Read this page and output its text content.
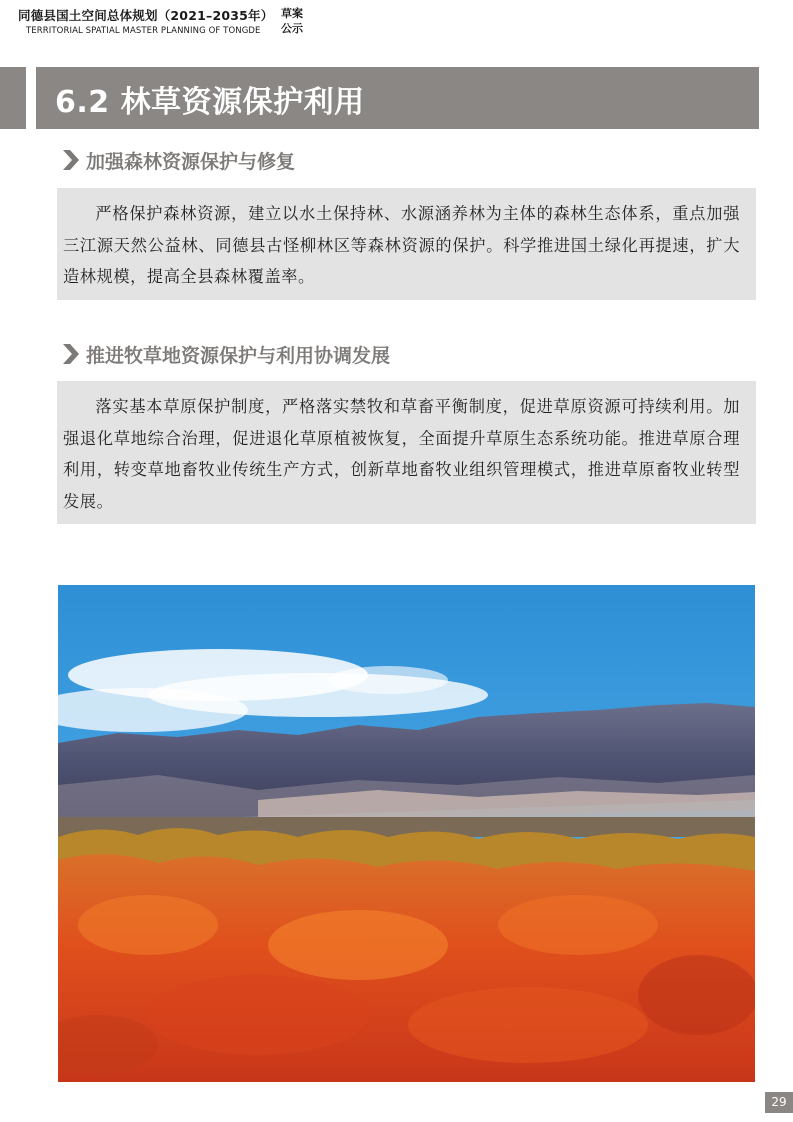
同德县国土空间总体规划（2021–2035年）
TERRITORIAL SPATIAL MASTER PLANNING OF TONGDE
草案
公示
6.2 林草资源保护利用
加强森林资源保护与修复

严格保护森林资源，建立以水土保持林、水源涵养林为主体的森林生态体系，重点加强三江源天然公益林、同德县古怪柳林区等森林资源的保护。科学推进国土绿化再提速，扩大造林规模，提高全县森林覆盖率。

推进牧草地资源保护与利用协调发展

落实基本草原保护制度，严格落实禁牧和草畜平衡制度，促进草原资源可持续利用。加强退化草地综合治理，促进退化草原植被恢复，全面提升草原生态系统功能。推进草原合理利用，转变草地畜牧业传统生产方式，创新草地畜牧业组织管理模式，推进草原畜牧业转型发展。

29
